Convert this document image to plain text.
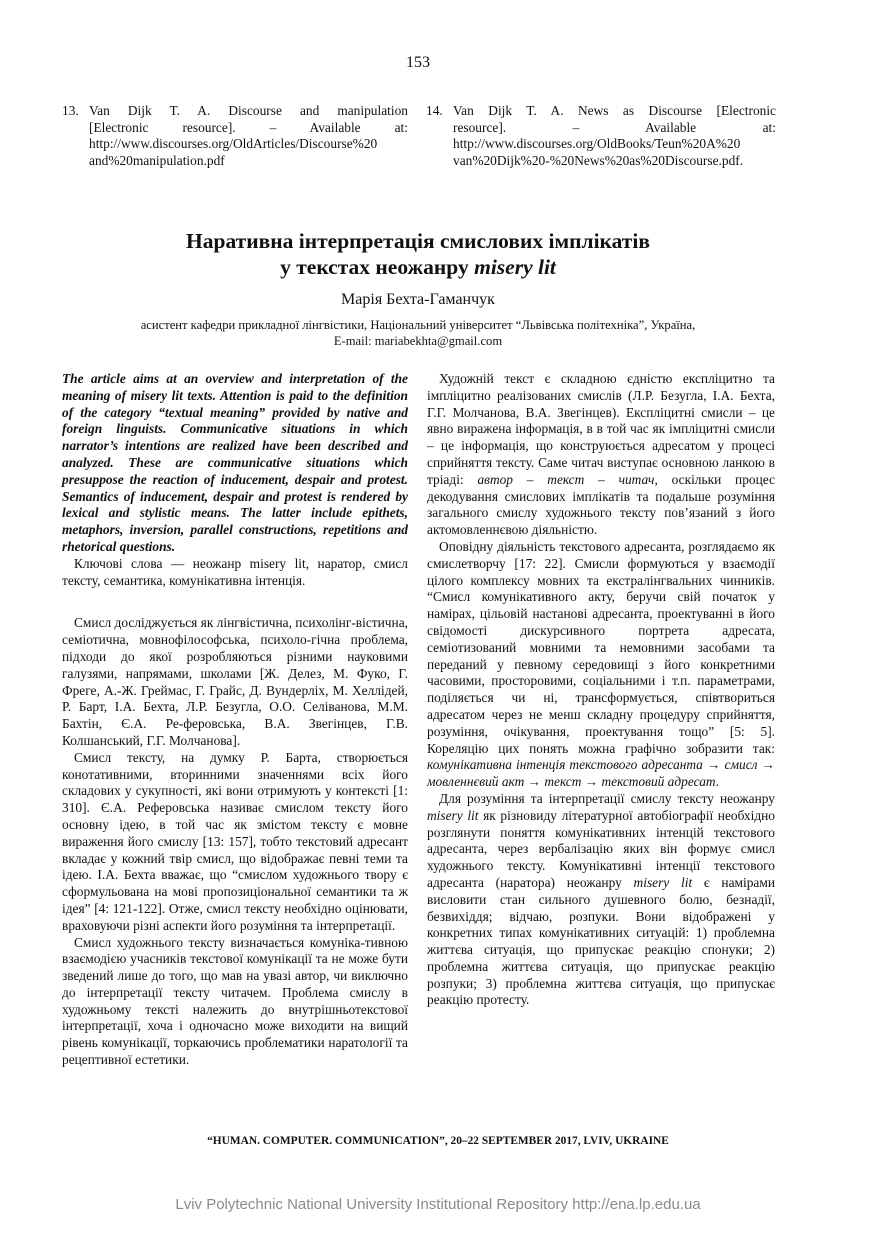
153
13. Van Dijk T. A. Discourse and manipulation
[Electronic resource]. – Available at:
http://www.discourses.org/OldArticles/Discourse%20
and%20manipulation.pdf
14. Van Dijk T. A. News as Discourse [Electronic
resource]. – Available at:
http://www.discourses.org/OldBooks/Teun%20A%20
van%20Dijk%20-%20News%20as%20Discourse.pdf.
Наративна інтерпретація смислових імплікатів
у текстах неожанру misery lit
Марія Бехта-Гаманчук
асистент кафедри прикладної лінгвістики, Національний університет “Львівська політехніка”, Україна,
E-mail: mariabekhta@gmail.com

The article aims at an overview and interpretation of the meaning of misery lit texts. Attention is paid to the definition of the category “textual meaning” provided by native and foreign linguists. Communicative situations in which narrator’s intentions are realized have been described and analyzed. These are communicative situations which presuppose the reaction of inducement, despair and protest. Semantics of inducement, despair and protest is rendered by lexical and stylistic means. The latter include epithets, metaphors, inversion, parallel constructions, repetitions and rhetorical questions.

Ключові слова — неожанр misery lit, наратор, смисл тексту, семантика, комунікативна інтенція.

Смисл досліджується як лінгвістична, психолінг-вістична, семіотична, мовнофілософська, психоло-гічна проблема, підходи до якої розробляються різними науковими галузями, напрямами, школами [Ж. Делез, М. Фуко, Г. Фреге, А.-Ж. Греймас, Г. Грайс, Д. Вундерліх, М. Хеллідей, Р. Барт, І.А. Бехта, Л.Р. Безугла, О.О. Селіванова, М.М. Бахтін, Є.А. Ре-феровська, В.А. Звегінцев, Г.В. Колшанський, Г.Г. Молчанова].

Смисл тексту, на думку Р. Барта, створюється конотативними, вторинними значеннями всіх його складових у сукупності, які вони отримують у контексті [1: 310]. Є.А. Реферовська називає смислом тексту його основну ідею, в той час як змістом тексту є мовне вираження його смислу [13: 157], тобто текстовий адресант вкладає у кожний твір смисл, що відображає певні теми та ідею. І.А. Бехта вважає, що “смислом художнього твору є сформульована на мові пропозиціональної семантики та ж ідея” [4: 121-122]. Отже, смисл тексту необхідно оцінювати, враховуючи різні аспекти його розуміння та інтерпретації.

Смисл художнього тексту визначається комуніка-тивною взаємодією учасників текстової комунікації та не може бути зведений лише до того, що мав на увазі автор, чи виключно до інтерпретації тексту читачем. Проблема смислу в художньому тексті належить до внутрішньотекстової інтерпретації, хоча і одночасно може виходити на вищий рівень комунікації, торкаючись проблематики наратології та рецептивної естетики.

Художній текст є складною єдністю експліцитно та імпліцитно реалізованих смислів (Л.Р. Безугла, І.А. Бехта, Г.Г. Молчанова, В.А. Звегінцев). Експліцитні смисли – це явно виражена інформація, в в той час як імпліцитні смисли – це інформація, що конструюється адресатом у процесі сприйняття тексту. Саме читач виступає основною ланкою в тріаді: автор – текст – читач, оскільки процес декодування смислових імплікатів та подальше розуміння загального смислу художнього тексту пов’язаний з його актомовленнєвою діяльністю.

Оповідну діяльність текстового адресанта, розглядаємо як смислетворчу [17: 22]. Смисли формуються у взаємодії цілого комплексу мовних та екстралінгвальних чинників. “Смисл комунікативного акту, беручи свій початок у намірах, цільовій настанові адресанта, проектуванні в його свідомості дискурсивного портрета адресата, семіотизований мовними та немовними засобами та переданий у певному середовищі з його конкретними часовими, просторовими, соціальними і т.п. параметрами, поділяється чи ні, трансформується, співтвориться адресатом через не менш складну процедуру сприйняття, розуміння, очікування, проектування тощо” [5: 5]. Кореляцію цих понять можна графічно зобразити так: комунікативна інтенція текстового адресанта → смисл → мовленнєвий акт → текст → текстовий адресат.

Для розуміння та інтерпретації смислу тексту неожанру misery lit як різновиду літературної автобіографії необхідно розглянути поняття комунікативних інтенцій текстового адресанта, через вербалізацію яких він формує смисл художнього тексту. Комунікативні інтенції текстового адресанта (наратора) неожанру misery lit є намірами висловити стан сильного душевного болю, безнадії, безвихіддя; відчаю, розпуки. Вони відображені у конкретних типах комунікативних ситуацій: 1) проблемна життєва ситуація, що припускає реакцію спонуки; 2) проблемна життєва ситуація, що припускає реакцію розпуки; 3) проблемна життєва ситуація, що припускає реакцію протесту.

“HUMAN. COMPUTER. COMMUNICATION”, 20–22 SEPTEMBER 2017, LVIV, UKRAINE
Lviv Polytechnic National University Institutional Repository http://ena.lp.edu.ua
